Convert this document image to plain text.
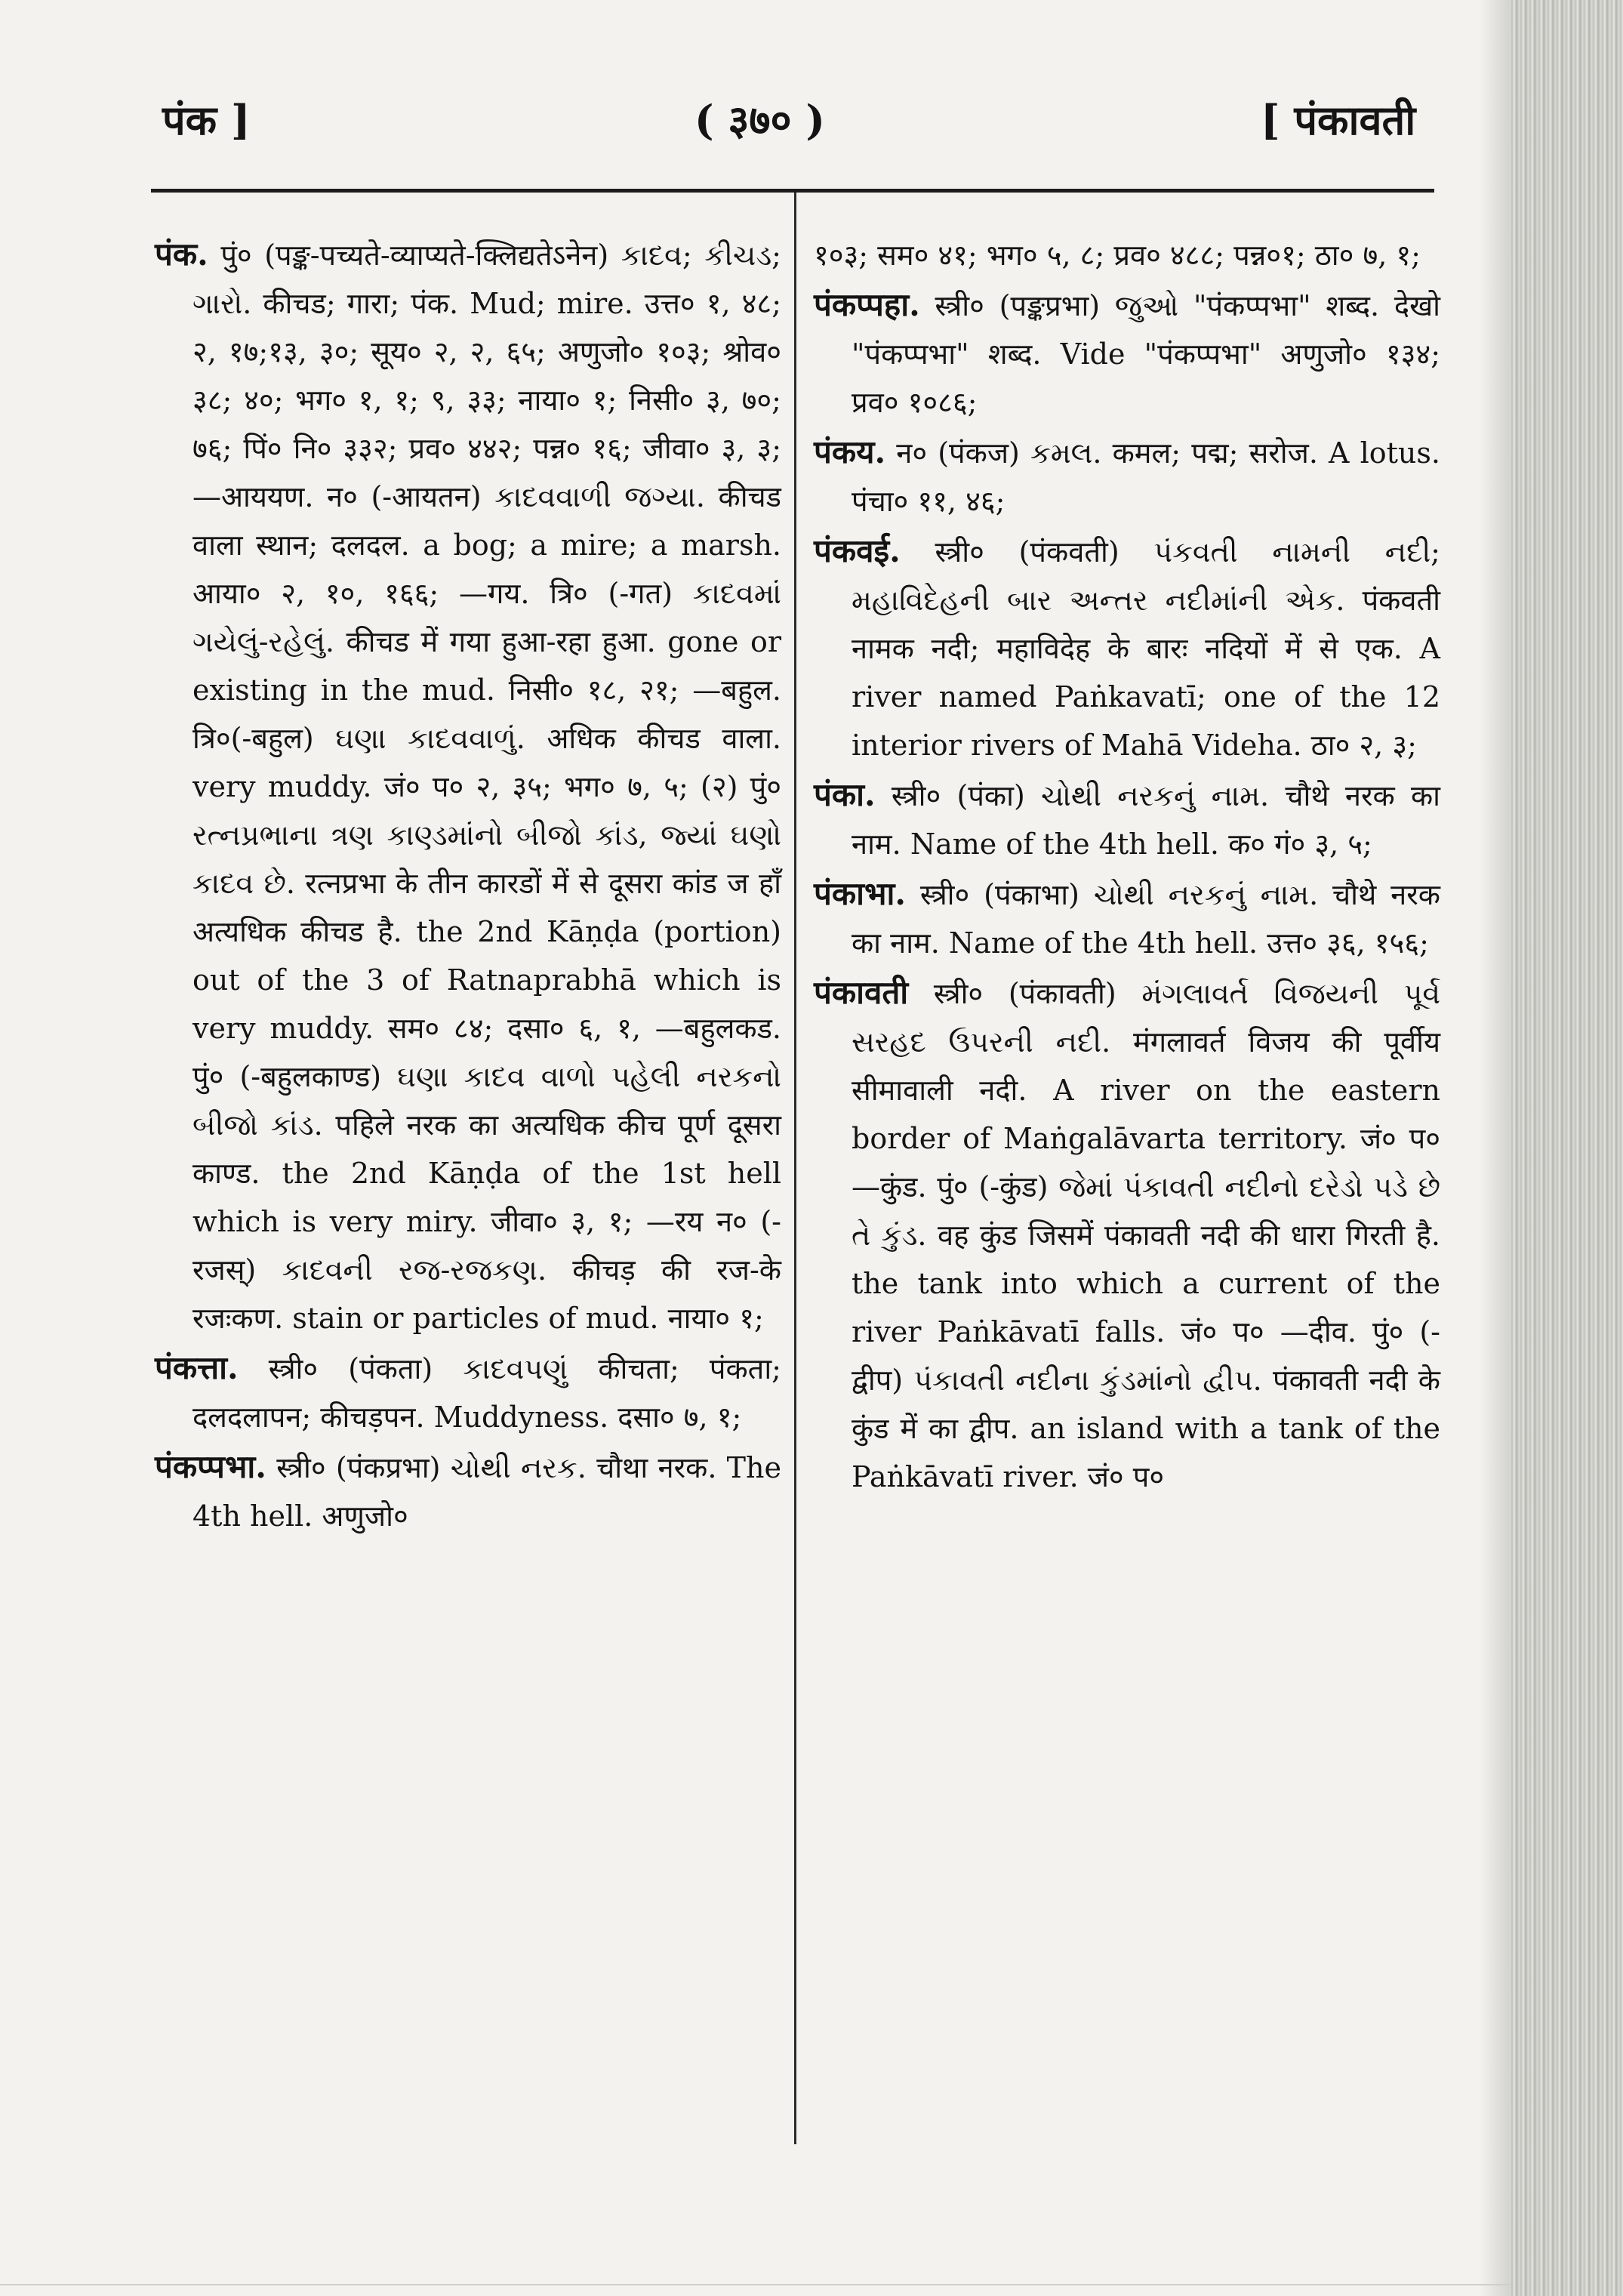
पंक ]	( ३७० )	[ पंकावती

पंक. पुं० (पङ्क-पच्यते-व्याप्यते-क्लिद्यतेऽनेन) કાદવ; કીચડ; ગારો. कीचड; गारा; पंक. Mud; mire. उत्त० १, ४८; २, १७;१३, ३०; सूय० २, २, ६५; अणुजो० १०३; श्रोव० ३८; ४०; भग० १, १; ९, ३३; नाया० १; निसी० ३, ७०; ७६; पिं० नि० ३३२; प्रव० ४४२; पन्न० १६; जीवा० ३, ३; —आययण. न० (-आयतन) કાદવવાળી જગ્યા. कीचड वाला स्थान; दलदल. a bog; a mire; a marsh. आया० २, १०, १६६; —गय. त्रि० (-गत) કાદવમાં ગયેલું-રહેલું. कीचड में गया हुआ-रहा हुआ. gone or existing in the mud. निसी० १८, २१; —बहुल. त्रि०(-बहुल) ઘણા કાદવવાળું. अधिक कीचड वाला. very muddy. जं० प० २, ३५; भग० ७, ५; (२) पुं० રત્નપ્રભાના ત્રણ કાણ્ડમાંનો બીજો કાંડ, જ્યાં ઘણો કાદવ છે. रत्नप्रभा के तीन कारडों में से दूसरा कांड ज हाँ अत्यधिक कीचड है. the 2nd Kāṇḍa (portion) out of the 3 of Ratnaprabhā which is very muddy. सम० ८४; दसा० ६, १, —बहुलकड. पुं० (-बहुलकाण्ड) ઘણા કાદવ વાળો પહેલી નરકનો બીજો કાંડ. पहिले नरक का अत्यधिक कीच पूर्ण दूसरा काण्ड. the 2nd Kāṇḍa of the 1st hell which is very miry. जीवा० ३, १; —रय न० (-रजस्) કાદવની રજ-રજકણ. कीचड़ की रज-के रजःकण. stain or particles of mud. नाया० १;

पंकत्ता. स्त्री० (पंकता) કાદવપણું कीचता; पंकता; दलदलापन; कीचड़पन. Muddyness. दसा० ७, १;

पंकप्पभा. स्त्री० (पंकप्रभा) ચોથી નરક. चौथा नरक. The 4th hell. अणुजो०

१०३; सम० ४१; भग० ५, ८; प्रव० ४८८; पन्न०१; ठा० ७, १;

पंकप्पहा. स्त्री० (पङ्कप्रभा) જુઓ "पंकप्पभा" शब्द. देखो "पंकप्पभा" शब्द. Vide "पंकप्पभा" अणुजो० १३४; प्रव० १०८६;

पंकय. न० (पंकज) કમલ. कमल; पद्म; सरोज. A lotus. पंचा० ११, ४६;

पंकवई. स्त्री० (पंकवती) પંકવતી નામની નદી; મહાવિદેહની બાર અન્તર નદીમાંની એક. पंकवती नामक नदी; महाविदेह के बारः नदियों में से एक. A river named Paṅkavatī; one of the 12 interior rivers of Mahā Videha. ठा० २, ३;

पंका. स्त्री० (पंका) ચોથી નરકનું નામ. चौथे नरक का नाम. Name of the 4th hell. क० गं० ३, ५;

पंकाभा. स्त्री० (पंकाभा) ચોથી નરકનું નામ. चौथे नरक का नाम. Name of the 4th hell. उत्त० ३६, १५६;

पंकावती स्त्री० (पंकावती) મંગલાવર્ત વિજયની પૂર્વ સરહદ ઉપરની નદી. मंगलावर्त विजय की पूर्वीय सीमावाली नदी. A river on the eastern border of Maṅgalāvarta territory. जं० प० —कुंड. पुं० (-कुंड) જેમાં પંકાવતી નદીનો દરેડો પડે છે તે કુંડ. वह कुंड जिसमें पंकावती नदी की धारा गिरती है. the tank into which a current of the river Paṅkāvatī falls. जं० प० —दीव. पुं० (-द्वीप) પંકાવતી નદીના કુંડમાંનો દ્વીપ. पंकावती नदी के कुंड में का द्वीप. an island with a tank of the Paṅkāvatī river. जं० प०
